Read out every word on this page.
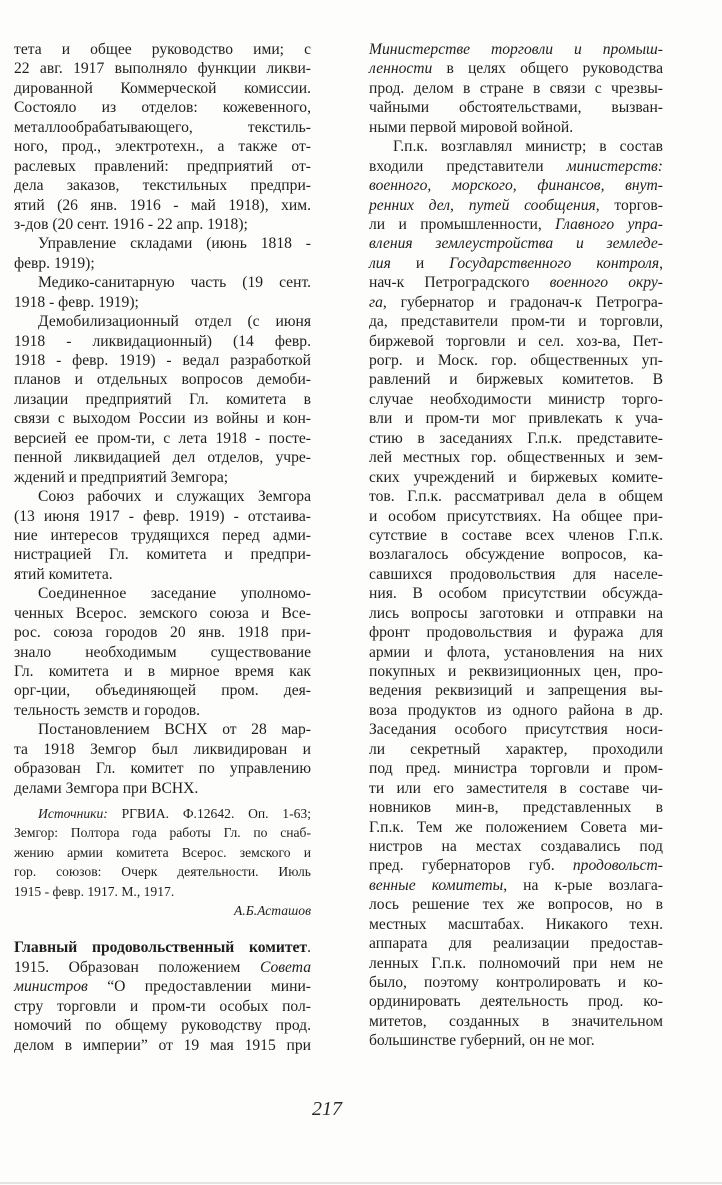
тета и общее руководство ими; с
22 авг. 1917 выполняло функции ликви-
дированной Коммерческой комиссии.
Состояло из отделов: кожевенного,
металлообрабатывающего, текстиль-
ного, прод., электротехн., а также от-
раслевых правлений: предприятий от-
дела заказов, текстильных предпри-
ятий (26 янв. 1916 - май 1918), хим.
з-дов (20 сент. 1916 - 22 апр. 1918);
Управление складами (июнь 1818 -
февр. 1919);
Медико-санитарную часть (19 сент.
1918 - февр. 1919);
Демобилизационный отдел (с июня
1918 - ликвидационный) (14 февр.
1918 - февр. 1919) - ведал разработкой
планов и отдельных вопросов демоби-
лизации предприятий Гл. комитета в
связи с выходом России из войны и кон-
версией ее пром-ти, с лета 1918 - посте-
пенной ликвидацией дел отделов, учре-
ждений и предприятий Земгора;
Союз рабочих и служащих Земгора
(13 июня 1917 - февр. 1919) - отстаива-
ние интересов трудящихся перед адми-
нистрацией Гл. комитета и предпри-
ятий комитета.
Соединенное заседание уполномо-
ченных Всерос. земского союза и Все-
рос. союза городов 20 янв. 1918 при-
знало необходимым существование
Гл. комитета и в мирное время как
орг-ции, объединяющей пром. дея-
тельность земств и городов.
Постановлением ВСНХ от 28 мар-
та 1918 Земгор был ликвидирован и
образован Гл. комитет по управлению
делами Земгора при ВСНХ.
Источники: РГВИА. Ф.12642. Оп. 1-63;
Земгор: Полтора года работы Гл. по снаб-
жению армии комитета Всерос. земского и
гор. союзов: Очерк деятельности. Июль
1915 - февр. 1917. М., 1917.
А.Б.Асташов
Главный продовольственный комитет.
1915. Образован положением Совета
министров “О предоставлении мини-
стру торговли и пром-ти особых пол-
номочий по общему руководству прод.
делом в империи” от 19 мая 1915 при
Министерстве торговли и промыш-
ленности в целях общего руководства
прод. делом в стране в связи с чрезвы-
чайными обстоятельствами, вызван-
ными первой мировой войной.
Г.п.к. возглавлял министр; в состав
входили представители министерств:
военного, морского, финансов, внут-
ренних дел, путей сообщения, торгов-
ли и промышленности, Главного упра-
вления землеустройства и земледе-
лия и Государственного контроля,
нач-к Петроградского военного окру-
га, губернатор и градонач-к Петрогра-
да, представители пром-ти и торговли,
биржевой торговли и сел. хоз-ва, Пет-
рогр. и Моск. гор. общественных уп-
равлений и биржевых комитетов. В
случае необходимости министр торго-
вли и пром-ти мог привлекать к уча-
стию в заседаниях Г.п.к. представите-
лей местных гор. общественных и зем-
ских учреждений и биржевых комите-
тов. Г.п.к. рассматривал дела в общем
и особом присутствиях. На общее при-
сутствие в составе всех членов Г.п.к.
возлагалось обсуждение вопросов, ка-
савшихся продовольствия для населе-
ния. В особом присутствии обсужда-
лись вопросы заготовки и отправки на
фронт продовольствия и фуража для
армии и флота, установления на них
покупных и реквизиционных цен, про-
ведения реквизиций и запрещения вы-
воза продуктов из одного района в др.
Заседания особого присутствия носи-
ли секретный характер, проходили
под пред. министра торговли и пром-
ти или его заместителя в составе чи-
новников мин-в, представленных в
Г.п.к. Тем же положением Совета ми-
нистров на местах создавались под
пред. губернаторов губ. продовольст-
венные комитеты, на к-рые возлага-
лось решение тех же вопросов, но в
местных масштабах. Никакого техн.
аппарата для реализации предостав-
ленных Г.п.к. полномочий при нем не
было, поэтому контролировать и ко-
ординировать деятельность прод. ко-
митетов, созданных в значительном
большинстве губерний, он не мог.
217
